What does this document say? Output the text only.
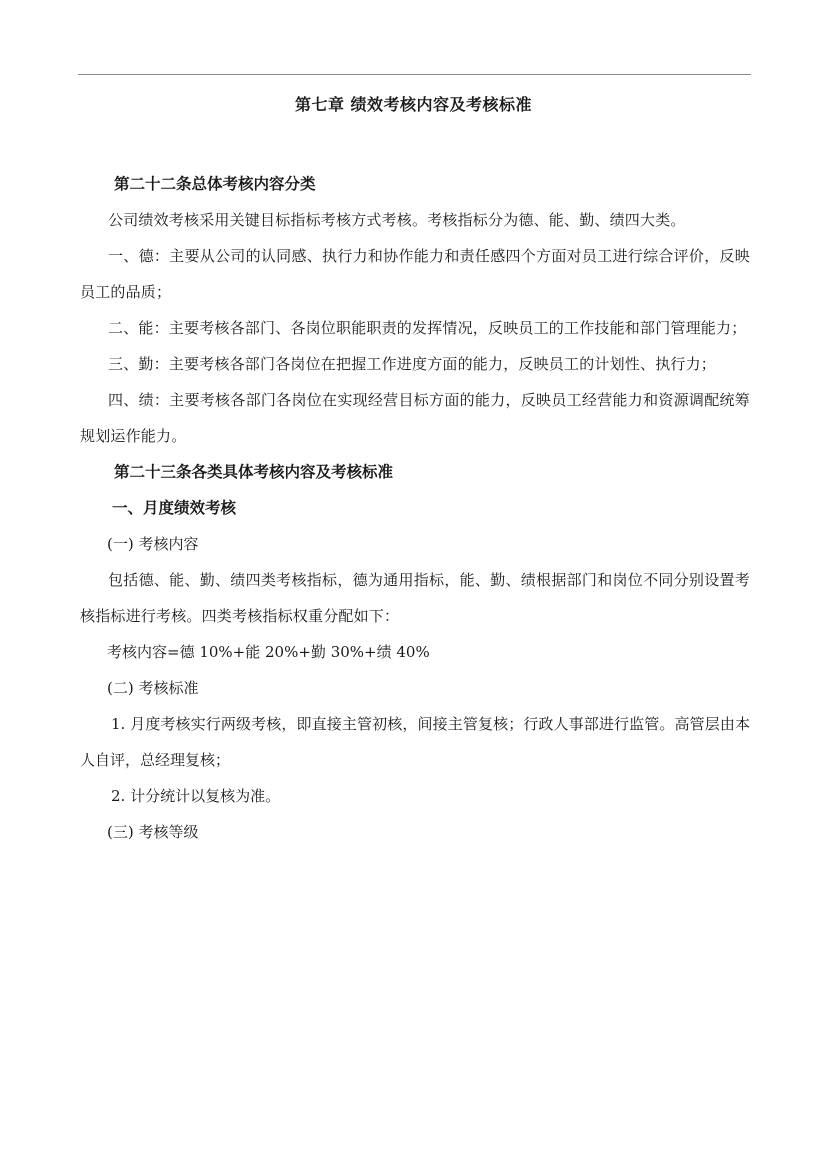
第七章 绩效考核内容及考核标准
第二十二条总体考核内容分类
公司绩效考核采用关键目标指标考核方式考核。考核指标分为德、能、勤、绩四大类。
一、德：主要从公司的认同感、执行力和协作能力和责任感四个方面对员工进行综合评价，反映员工的品质；
二、能：主要考核各部门、各岗位职能职责的发挥情况，反映员工的工作技能和部门管理能力；
三、勤：主要考核各部门各岗位在把握工作进度方面的能力，反映员工的计划性、执行力；
四、绩：主要考核各部门各岗位在实现经营目标方面的能力，反映员工经营能力和资源调配统筹规划运作能力。
第二十三条各类具体考核内容及考核标准
一、月度绩效考核
(一) 考核内容
包括德、能、勤、绩四类考核指标，德为通用指标，能、勤、绩根据部门和岗位不同分别设置考核指标进行考核。四类考核指标权重分配如下：
考核内容=德 10%+能 20%+勤 30%+绩 40%
(二) 考核标准
1. 月度考核实行两级考核，即直接主管初核，间接主管复核；行政人事部进行监管。高管层由本人自评，总经理复核；
2. 计分统计以复核为准。
(三) 考核等级
